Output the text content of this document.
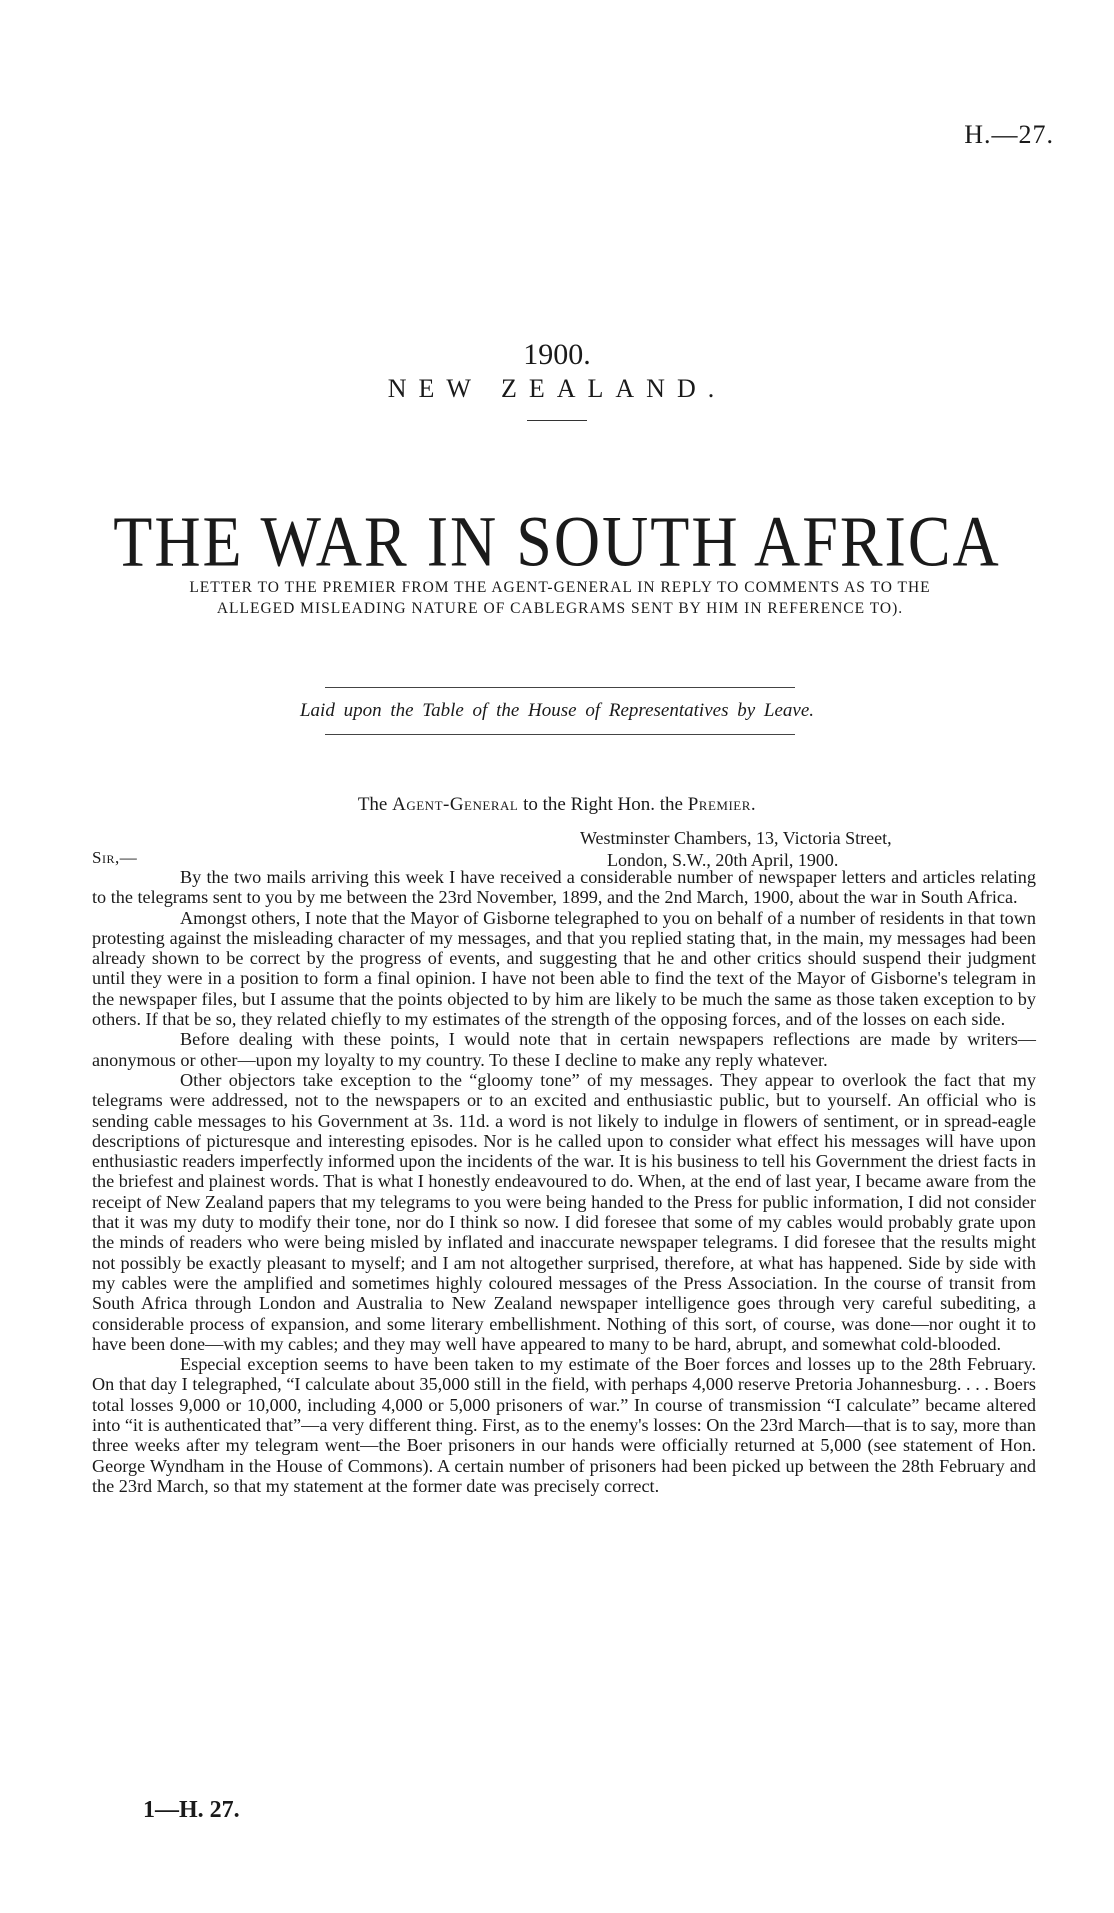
H.—27.
1900.
NEW ZEALAND.
THE WAR IN SOUTH AFRICA
LETTER TO THE PREMIER FROM THE AGENT-GENERAL IN REPLY TO COMMENTS AS TO THE
ALLEGED MISLEADING NATURE OF CABLEGRAMS SENT BY HIM IN REFERENCE TO).
Laid upon the Table of the House of Representatives by Leave.
The Agent-General to the Right Hon. the Premier.
Westminster Chambers, 13, Victoria Street,
London, S.W., 20th April, 1900.
Sir,—

By the two mails arriving this week I have received a considerable number of newspaper letters and articles relating to the telegrams sent to you by me between the 23rd November, 1899, and the 2nd March, 1900, about the war in South Africa.

Amongst others, I note that the Mayor of Gisborne telegraphed to you on behalf of a number of residents in that town protesting against the misleading character of my messages, and that you replied stating that, in the main, my messages had been already shown to be correct by the progress of events, and suggesting that he and other critics should suspend their judgment until they were in a position to form a final opinion. I have not been able to find the text of the Mayor of Gisborne's telegram in the newspaper files, but I assume that the points objected to by him are likely to be much the same as those taken exception to by others. If that be so, they related chiefly to my estimates of the strength of the opposing forces, and of the losses on each side.

Before dealing with these points, I would note that in certain newspapers reflections are made by writers—anonymous or other—upon my loyalty to my country. To these I decline to make any reply whatever.

Other objectors take exception to the “gloomy tone” of my messages. They appear to overlook the fact that my telegrams were addressed, not to the newspapers or to an excited and enthusiastic public, but to yourself. An official who is sending cable messages to his Government at 3s. 11d. a word is not likely to indulge in flowers of sentiment, or in spread-eagle descriptions of picturesque and interesting episodes. Nor is he called upon to consider what effect his messages will have upon enthusiastic readers imperfectly informed upon the incidents of the war. It is his business to tell his Government the driest facts in the briefest and plainest words. That is what I honestly endeavoured to do. When, at the end of last year, I became aware from the receipt of New Zealand papers that my telegrams to you were being handed to the Press for public information, I did not consider that it was my duty to modify their tone, nor do I think so now. I did foresee that some of my cables would probably grate upon the minds of readers who were being misled by inflated and inaccurate newspaper telegrams. I did foresee that the results might not possibly be exactly pleasant to myself; and I am not altogether surprised, therefore, at what has happened. Side by side with my cables were the amplified and sometimes highly coloured messages of the Press Association. In the course of transit from South Africa through London and Australia to New Zealand newspaper intelligence goes through very careful subediting, a considerable process of expansion, and some literary embellishment. Nothing of this sort, of course, was done—nor ought it to have been done—with my cables; and they may well have appeared to many to be hard, abrupt, and somewhat cold-blooded.

Especial exception seems to have been taken to my estimate of the Boer forces and losses up to the 28th February. On that day I telegraphed, “I calculate about 35,000 still in the field, with perhaps 4,000 reserve Pretoria Johannesburg. . . . Boers total losses 9,000 or 10,000, including 4,000 or 5,000 prisoners of war.” In course of transmission “I calculate” became altered into “it is authenticated that”—a very different thing. First, as to the enemy's losses: On the 23rd March—that is to say, more than three weeks after my telegram went—the Boer prisoners in our hands were officially returned at 5,000 (see statement of Hon. George Wyndham in the House of Commons). A certain number of prisoners had been picked up between the 28th February and the 23rd March, so that my statement at the former date was precisely correct.

1—H. 27.
